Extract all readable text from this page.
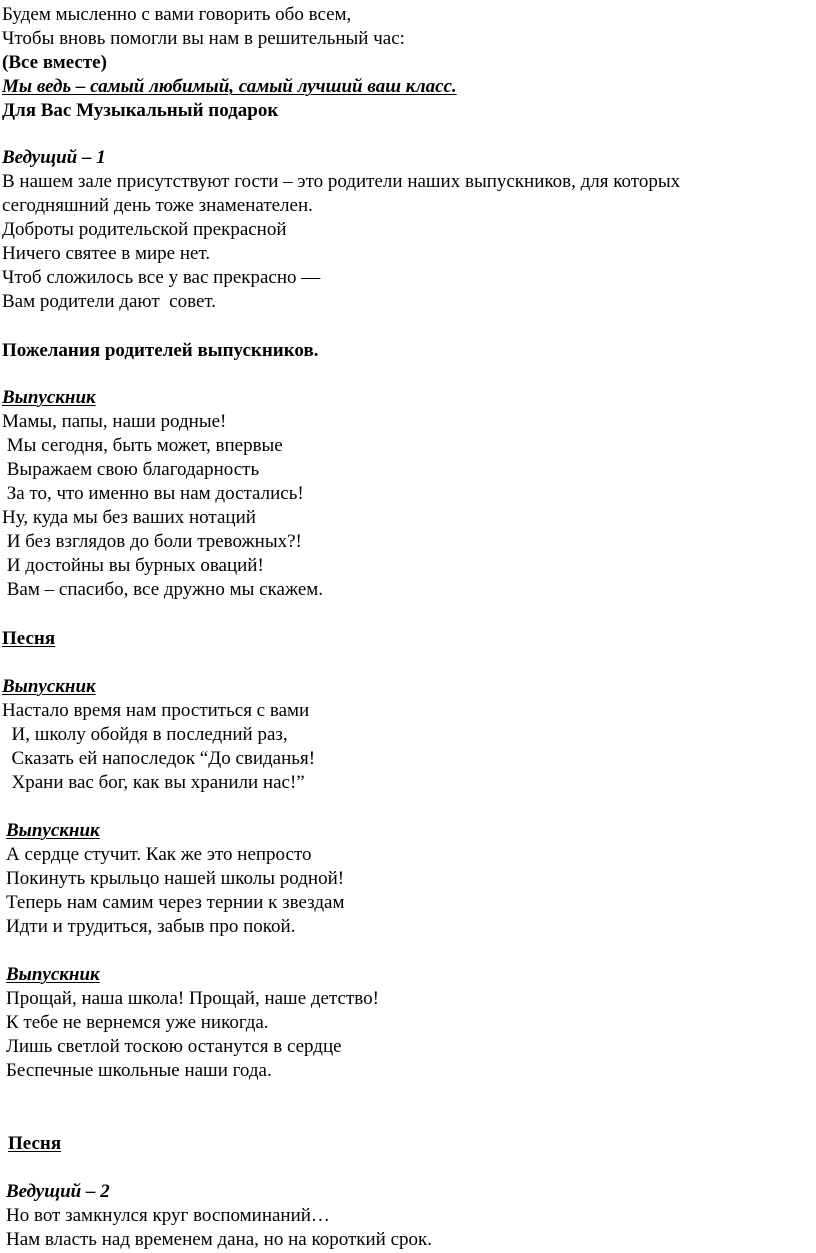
Будем мысленно с вами говорить обо всем,
Чтобы вновь помогли вы нам в решительный час:
(Все вместе)
Мы ведь – самый любимый, самый лучший ваш класс.
Для Вас Музыкальный подарок
Ведущий – 1
В нашем зале присутствуют гости – это родители наших выпускников, для которых
сегодняшний день тоже знаменателен.
Доброты родительской прекрасной
Ничего святее в мире нет.
Чтоб сложилось все у вас прекрасно —
Вам родители дают  совет.
Пожелания родителей выпускников.
Выпускник
Мамы, папы, наши родные!
Мы сегодня, быть может, впервые
Выражаем свою благодарность
За то, что именно вы нам достались!
Ну, куда мы без ваших нотаций
И без взглядов до боли тревожных?!
И достойны вы бурных оваций!
Вам – спасибо, все дружно мы скажем.
Песня
Выпускник
Настало время нам проститься с вами
И, школу обойдя в последний раз,
Сказать ей напоследок “До свиданья!
Храни вас бог, как вы хранили нас!”
Выпускник
А сердце стучит. Как же это непросто
Покинуть крыльцо нашей школы родной!
Теперь нам самим через тернии к звездам
Идти и трудиться, забыв про покой.
Выпускник
Прощай, наша школа! Прощай, наше детство!
К тебе не вернемся уже никогда.
Лишь светлой тоскою останутся в сердце
Беспечные школьные наши года.
Песня
Ведущий – 2
Но вот замкнулся круг воспоминаний…
Нам власть над временем дана, но на короткий срок.
